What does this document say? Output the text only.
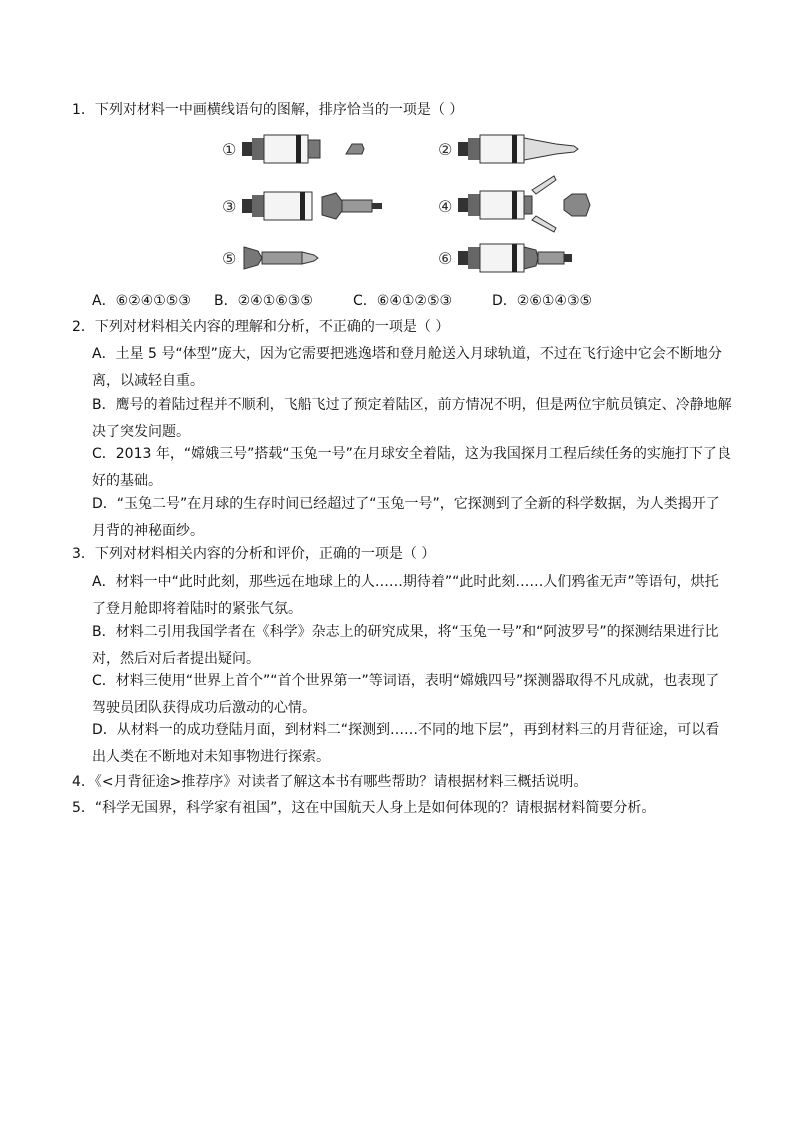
1．下列对材料一中画横线语句的图解，排序恰当的一项是（ ）
①	②
③	④
⑤	⑥
A．⑥②④①⑤③ B．②④①⑥③⑤	C．⑥④①②⑤③	D．②⑥①④③⑤
2．下列对材料相关内容的理解和分析，不正确的一项是（ ）
A．土星 5 号“体型”庞大，因为它需要把逃逸塔和登月舱送入月球轨道，不过在飞行途中它会不断地分离，以减轻自重。
B．鹰号的着陆过程并不顺利，飞船飞过了预定着陆区，前方情况不明，但是两位宇航员镇定、冷静地解决了突发问题。
C．2013 年，“嫦娥三号”搭载“玉兔一号”在月球安全着陆，这为我国探月工程后续任务的实施打下了良好的基础。
D．“玉兔二号”在月球的生存时间已经超过了“玉兔一号”，它探测到了全新的科学数据，为人类揭开了月背的神秘面纱。
3．下列对材料相关内容的分析和评价，正确的一项是（ ）
A．材料一中“此时此刻，那些远在地球上的人……期待着”“此时此刻……人们鸦雀无声”等语句，烘托了登月舱即将着陆时的紧张气氛。
B．材料二引用我国学者在《科学》杂志上的研究成果，将“玉兔一号”和“阿波罗号”的探测结果进行比对，然后对后者提出疑问。
C．材料三使用“世界上首个”“首个世界第一”等词语，表明“嫦娥四号”探测器取得不凡成就，也表现了驾驶员团队获得成功后激动的心情。
D．从材料一的成功登陆月面，到材料二“探测到……不同的地下层”，再到材料三的月背征途，可以看出人类在不断地对未知事物进行探索。
4．《<月背征途>推荐序》对读者了解这本书有哪些帮助？请根据材料三概括说明。
5．“科学无国界，科学家有祖国”，这在中国航天人身上是如何体现的？请根据材料简要分析。
